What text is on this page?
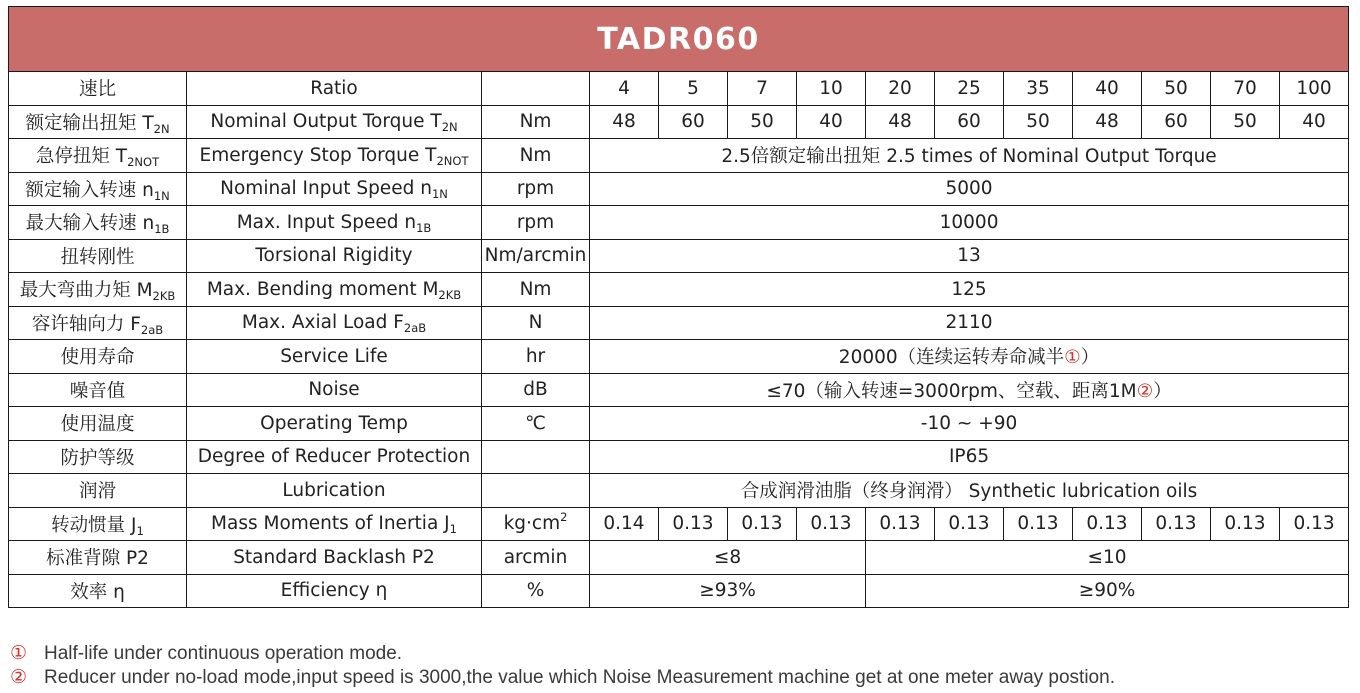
TADR060													
速比	Ratio		4	5	7	10	20	25	35	40	50	70	100
额定输出扭矩 $T_{2N}$	Nominal Output Torque $T_{2N}$	Nm	48	60	50	40	48	60	50	48	60	50	40
急停扭矩 $T_{2NOT}$	Emergency Stop Torque $T_{2NOT}$	Nm	2.5倍额定输出扭矩 2.5 times of Nominal Output Torque										
额定输入转速 $n_{1N}$	Nominal Input Speed $n_{1N}$	rpm	5000										
最大输入转速 $n_{1B}$	Max. Input Speed $n_{1B}$	rpm	10000										
扭转刚性	Torsional Rigidity	Nm/arcmin	13										
最大弯曲力矩 $M_{2KB}$	Max. Bending moment $M_{2KB}$	Nm	125										
容许轴向力 $F_{2aB}$	Max. Axial Load $F_{2aB}$	N	2110										
使用寿命	Service Life	hr	20000（连续运转寿命减半①）										
噪音值	Noise	dB	≤70（输入转速=3000rpm、空载、距离1M②）										
使用温度	Operating Temp	℃	-10 ~ +90										
防护等级	Degree of Reducer Protection		IP65										
润滑	Lubrication		合成润滑油脂（终身润滑） Synthetic lubrication oils										
转动惯量 $J_1$	Mass Moments of Inertia $J_1$	$kg\cdot cm^2$	0.14	0.13	0.13	0.13	0.13	0.13	0.13	0.13	0.13	0.13	0.13
标准背隙 P2	Standard Backlash P2	arcmin	≤8				≤10						
效率 η	Efficiency η	%	≥93%				≥90%						
① Half-life under continuous operation mode.
② Reducer under no-load mode,input speed is 3000,the value which Noise Measurement machine get at one meter away postion.
